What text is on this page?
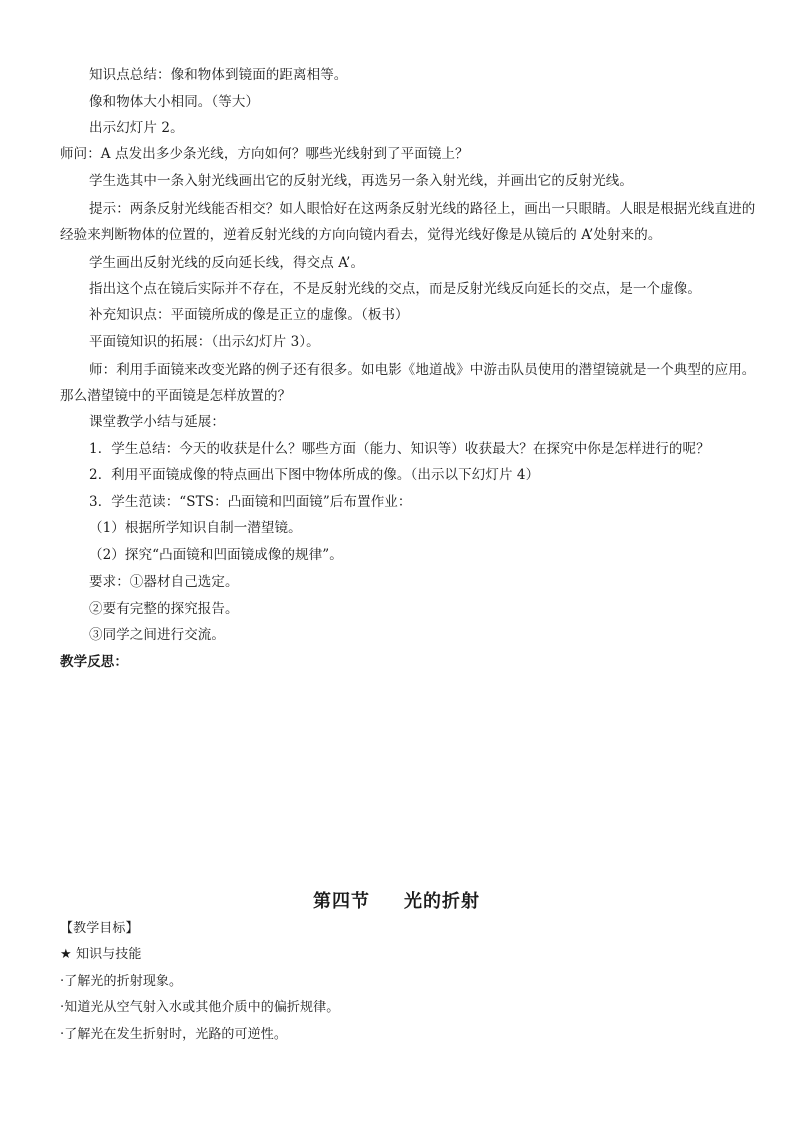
知识点总结：像和物体到镜面的距离相等。
像和物体大小相同。（等大）
出示幻灯片 2。
师问：A 点发出多少条光线，方向如何？哪些光线射到了平面镜上？
学生选其中一条入射光线画出它的反射光线，再选另一条入射光线，并画出它的反射光线。
提示：两条反射光线能否相交？如人眼恰好在这两条反射光线的路径上，画出一只眼睛。人眼是根据光线直进的经验来判断物体的位置的，逆着反射光线的方向向镜内看去，觉得光线好像是从镜后的 A’处射来的。
学生画出反射光线的反向延长线，得交点 A’。
指出这个点在镜后实际并不存在，不是反射光线的交点，而是反射光线反向延长的交点，是一个虚像。
补充知识点：平面镜所成的像是正立的虚像。（板书）
平面镜知识的拓展：（出示幻灯片 3）。
师：利用手面镜来改变光路的例子还有很多。如电影《地道战》中游击队员使用的潜望镜就是一个典型的应用。那么潜望镜中的平面镜是怎样放置的？
课堂教学小结与延展：
1．学生总结：今天的收获是什么？哪些方面（能力、知识等）收获最大？在探究中你是怎样进行的呢？
2．利用平面镜成像的特点画出下图中物体所成的像。（出示以下幻灯片 4）
3．学生范读：“STS：凸面镜和凹面镜”后布置作业：
（1）根据所学知识自制一潜望镜。
（2）探究“凸面镜和凹面镜成像的规律”。
要求：①器材自己选定。
②要有完整的探究报告。
③同学之间进行交流。
教学反思：
第四节 光的折射
【教学目标】
★ 知识与技能
·了解光的折射现象。
·知道光从空气射入水或其他介质中的偏折规律。
·了解光在发生折射时，光路的可逆性。
